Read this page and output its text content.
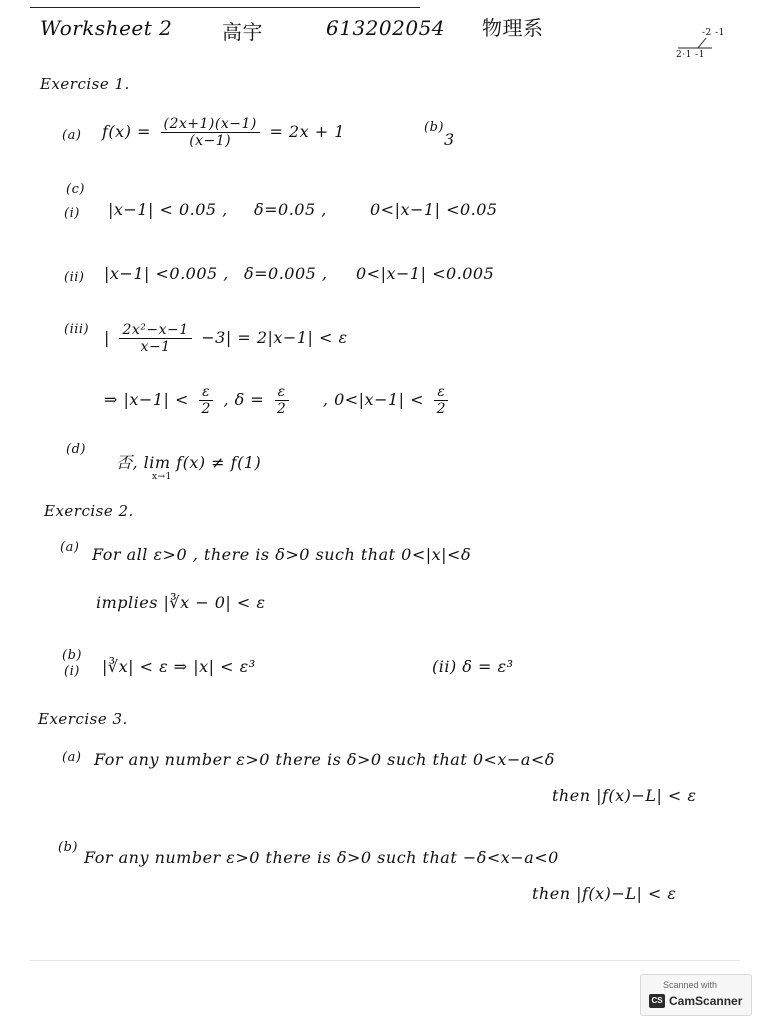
Worksheet 2 高宇	613202054 物理系	-2 -1
2·1 -1
Exercise 1.
(a) $f(x) = \frac{(2x+1)(x-1)}{(x-1)} = 2x + 1$	(b)
3
(c)
(i) |x−1| < 0.05 , δ=0.05 ,	0<|x−1| <0.05
(ii) |x−1| <0.005 , δ=0.005 , 0<|x−1| <0.005
(iii) | $\frac{\text{2x²−x−1}}{x-1} -3| = 2|x-1| < \varepsilon$
⇒ $|x-1| < \frac{\varepsilon}{2}$ , $\delta = \frac{\varepsilon}{2}$ , $0<|x-1| < \frac{\varepsilon}{2}$
(d)
否, lim f(x) ≠ f(1)
x→1
Exercise 2.
(a) For all ε>0 , there is δ>0 such that 0<|x|<δ
implies |∛x − 0| < ε
(b)
(i) |∛x| < ε ⇒ |x| < ε³	(ii) δ = ε³
Exercise 3.
(a) For any number ε>0 there is δ>0 such that 0<x−a<δ
then |f(x)−L| < ε
(b)
For any number ε>0 there is δ>0 such that −δ<x−a<0
then |f(x)−L| < ε
Scanned with
CS CamScanner
